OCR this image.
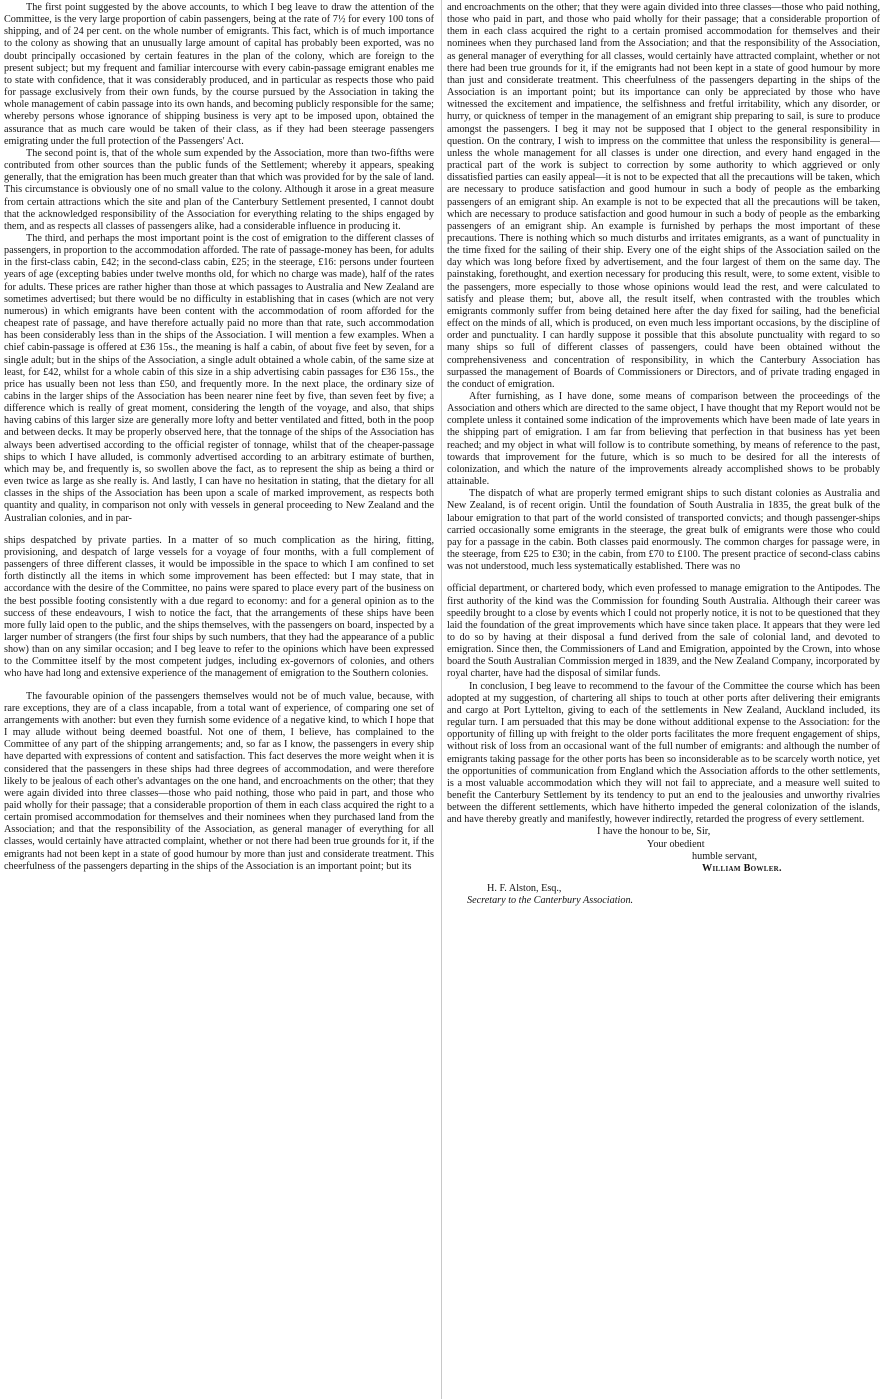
The first point suggested by the above accounts, to which I beg leave to draw the attention of the Committee, is the very large proportion of cabin passengers, being at the rate of 7½ for every 100 tons of shipping, and of 24 per cent. on the whole number of emigrants. This fact, which is of much importance to the colony as showing that an unusually large amount of capital has probably been exported, was no doubt principally occasioned by certain features in the plan of the colony, which are foreign to the present subject; but my frequent and familiar intercourse with every cabin-passage emigrant enables me to state with confidence, that it was considerably produced, and in particular as respects those who paid for passage exclusively from their own funds, by the course pursued by the Association in taking the whole management of cabin passage into its own hands, and becoming publicly responsible for the same; whereby persons whose ignorance of shipping business is very apt to be imposed upon, obtained the assurance that as much care would be taken of their class, as if they had been steerage passengers emigrating under the full protection of the Passengers' Act.

The second point is, that of the whole sum expended by the Association, more than two-fifths were contributed from other sources than the public funds of the Settlement; whereby it appears, speaking generally, that the emigration has been much greater than that which was provided for by the sale of land. This circumstance is obviously one of no small value to the colony. Although it arose in a great measure from certain attractions which the site and plan of the Canterbury Settlement presented, I cannot doubt that the acknowledged responsibility of the Association for everything relating to the ships engaged by them, and as respects all classes of passengers alike, had a considerable influence in producing it.

The third, and perhaps the most important point is the cost of emigration to the different classes of passengers, in proportion to the accommodation afforded. The rate of passage-money has been, for adults in the first-class cabin, £42; in the second-class cabin, £25; in the steerage, £16: persons under fourteen years of age (excepting babies under twelve months old, for which no charge was made), half of the rates for adults. These prices are rather higher than those at which passages to Australia and New Zealand are sometimes advertised; but there would be no difficulty in establishing that in cases (which are not very numerous) in which emigrants have been content with the accommodation of room afforded for the cheapest rate of passage, and have therefore actually paid no more than that rate, such accommodation has been considerably less than in the ships of the Association. I will mention a few examples. When a chief cabin-passage is offered at £36 15s., the meaning is half a cabin, of about five feet by seven, for a single adult; but in the ships of the Association, a single adult obtained a whole cabin, of the same size at least, for £42, whilst for a whole cabin of this size in a ship advertising cabin passages for £36 15s., the price has usually been not less than £50, and frequently more. In the next place, the ordinary size of cabins in the larger ships of the Association has been nearer nine feet by five, than seven feet by five; a difference which is really of great moment, considering the length of the voyage, and also, that ships having cabins of this larger size are generally more lofty and better ventilated and fitted, both in the poop and between decks. It may be properly observed here, that the tonnage of the ships of the Association has always been advertised according to the official register of tonnage, whilst that of the cheaper-passage ships to which I have alluded, is commonly advertised according to an arbitrary estimate of burthen, which may be, and frequently is, so swollen above the fact, as to represent the ship as being a third or even twice as large as she really is. And lastly, I can have no hesitation in stating, that the dietary for all classes in the ships of the Association has been upon a scale of marked improvement, as respects both quantity and quality, in comparison not only with vessels in general proceeding to New Zealand and the Australian colonies, and in par-

ships despatched by private parties. In a matter of so much complication as the hiring, fitting, provisioning, and despatch of large vessels for a voyage of four months, with a full complement of passengers of three different classes, it would be impossible in the space to which I am confined to set forth distinctly all the items in which some improvement has been effected: but I may state, that in accordance with the desire of the Committee, no pains were spared to place every part of the business on the best possible footing consistently with a due regard to economy: and for a general opinion as to the success of these endeavours, I wish to notice the fact, that the arrangements of these ships have been more fully laid open to the public, and the ships themselves, with the passengers on board, inspected by a larger number of strangers (the first four ships by such numbers, that they had the appearance of a public show) than on any similar occasion; and I beg leave to refer to the opinions which have been expressed to the Committee itself by the most competent judges, including ex-governors of colonies, and others who have had long and extensive experience of the management of emigration to the Southern colonies.

The favourable opinion of the passengers themselves would not be of much value, because, with rare exceptions, they are of a class incapable, from a total want of experience, of comparing one set of arrangements with another: but even they furnish some evidence of a negative kind, to which I hope that I may allude without being deemed boastful. Not one of them, I believe, has complained to the Committee of any part of the shipping arrangements; and, so far as I know, the passengers in every ship have departed with expressions of content and satisfaction. This fact deserves the more weight when it is considered that the passengers in these ships had three degrees of accommodation, and were therefore likely to be jealous of each other's advantages on the one hand, and encroachments on the other; that they were again divided into three classes—those who paid nothing, those who paid in part, and those who paid wholly for their passage; that a considerable proportion of them in each class acquired the right to a certain promised accommodation for themselves and their nominees when they purchased land from the Association; and that the responsibility of the Association, as general manager of everything for all classes, would certainly have attracted complaint, whether or not there had been true grounds for it, if the emigrants had not been kept in a state of good humour by more than just and considerate treatment. This cheerfulness of the passengers departing in the ships of the Association is an important point; but its

and encroachments on the other; that they were again divided into three classes—those who paid nothing, those who paid in part, and those who paid wholly for their passage; that a considerable proportion of them in each class acquired the right to a certain promised accommodation for themselves and their nominees when they purchased land from the Association; and that the responsibility of the Association, as general manager of everything for all classes, would certainly have attracted complaint, whether or not there had been true grounds for it, if the emigrants had not been kept in a state of good humour by more than just and considerate treatment. This cheerfulness of the passengers departing in the ships of the Association is an important point; but its importance can only be appreciated by those who have witnessed the excitement and impatience, the selfishness and fretful irritability, which any disorder, or hurry, or quickness of temper in the management of an emigrant ship preparing to sail, is sure to produce amongst the passengers. I beg it may not be supposed that I object to the general responsibility in question. On the contrary, I wish to impress on the committee that unless the responsibility is general— unless the whole management for all classes is under one direction, and every hand engaged in the practical part of the work is subject to correction by some authority to which aggrieved or only dissatisfied parties can easily appeal—it is not to be expected that all the precautions will be taken, which are necessary to produce satisfaction and good humour in such a body of people as the embarking passengers of an emigrant ship. An example is not to be expected that all the precautions will be taken, which are necessary to produce satisfaction and good humour in such a body of people as the embarking passengers of an emigrant ship. An example is furnished by perhaps the most important of these precautions. There is nothing which so much disturbs and irritates emigrants, as a want of punctuality in the time fixed for the sailing of their ship. Every one of the eight ships of the Association sailed on the day which was long before fixed by advertisement, and the four largest of them on the same day. The painstaking, forethought, and exertion necessary for producing this result, were, to some extent, visible to the passengers, more especially to those whose opinions would lead the rest, and were calculated to satisfy and please them; but, above all, the result itself, when contrasted with the troubles which emigrants commonly suffer from being detained here after the day fixed for sailing, had the beneficial effect on the minds of all, which is produced, on even much less important occasions, by the discipline of order and punctuality. I can hardly suppose it possible that this absolute punctuality with regard to so many ships so full of different classes of passengers, could have been obtained without the comprehensiveness and concentration of responsibility, in which the Canterbury Association has surpassed the management of Boards of Commissioners or Directors, and of private trading engaged in the conduct of emigration.

After furnishing, as I have done, some means of comparison between the proceedings of the Association and others which are directed to the same object, I have thought that my Report would not be complete unless it contained some indication of the improvements which have been made of late years in the shipping part of emigration. I am far from believing that perfection in that business has yet been reached; and my object in what will follow is to contribute something, by means of reference to the past, towards that improvement for the future, which is so much to be desired for all the interests of colonization, and which the nature of the improvements already accomplished shows to be probably attainable.

The dispatch of what are properly termed emigrant ships to such distant colonies as Australia and New Zealand, is of recent origin. Until the foundation of South Australia in 1835, the great bulk of the labour emigration to that part of the world consisted of transported convicts; and though passenger-ships carried occasionally some emigrants in the steerage, the great bulk of emigrants were those who could pay for a passage in the cabin. Both classes paid enormously. The common charges for passage were, in the steerage, from £25 to £30; in the cabin, from £70 to £100. The present practice of second-class cabins was not understood, much less systematically established. There was no

official department, or chartered body, which even professed to manage emigration to the Antipodes. The first authority of the kind was the Commission for founding South Australia. Although their career was speedily brought to a close by events which I could not properly notice, it is not to be questioned that they laid the foundation of the great improvements which have since taken place. It appears that they were led to do so by having at their disposal a fund derived from the sale of colonial land, and devoted to emigration. Since then, the Commissioners of Land and Emigration, appointed by the Crown, into whose board the South Australian Commission merged in 1839, and the New Zealand Company, incorporated by royal charter, have had the disposal of similar funds.

In conclusion, I beg leave to recommend to the favour of the Committee the course which has been adopted at my suggestion, of chartering all ships to touch at other ports after delivering their emigrants and cargo at Port Lyttelton, giving to each of the settlements in New Zealand, Auckland included, its regular turn. I am persuaded that this may be done without additional expense to the Association: for the opportunity of filling up with freight to the older ports facilitates the more frequent engagement of ships, without risk of loss from an occasional want of the full number of emigrants: and although the number of emigrants taking passage for the other ports has been so inconsiderable as to be scarcely worth notice, yet the opportunities of communication from England which the Association affords to the other settlements, is a most valuable accommodation which they will not fail to appreciate, and a measure well suited to benefit the Canterbury Settlement by its tendency to put an end to the jealousies and unworthy rivalries between the different settlements, which have hitherto impeded the general colonization of the islands, and have thereby greatly and manifestly, however indirectly, retarded the progress of every settlement.

I have the honour to be, Sir,

Your obedient

humble servant,

William Bowler.

H. F. Alston, Esq.,

Secretary to the Canterbury Association.
